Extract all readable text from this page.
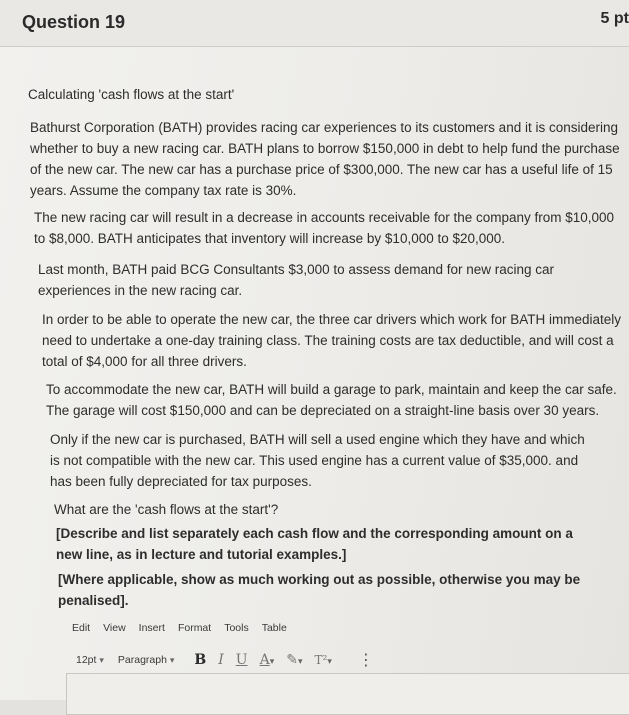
Question 19	5 pt
Calculating 'cash flows at the start'

Bathurst Corporation (BATH) provides racing car experiences to its customers and it is considering whether to buy a new racing car. BATH plans to borrow $150,000 in debt to help fund the purchase of the new car. The new car has a purchase price of $300,000. The new car has a useful life of 15 years. Assume the company tax rate is 30%.

The new racing car will result in a decrease in accounts receivable for the company from $10,000 to $8,000. BATH anticipates that inventory will increase by $10,000 to $20,000.

Last month, BATH paid BCG Consultants $3,000 to assess demand for new racing car experiences in the new racing car.

In order to be able to operate the new car, the three car drivers which work for BATH immediately need to undertake a one-day training class. The training costs are tax deductible, and will cost a total of $4,000 for all three drivers.

To accommodate the new car, BATH will build a garage to park, maintain and keep the car safe. The garage will cost $150,000 and can be depreciated on a straight-line basis over 30 years.

Only if the new car is purchased, BATH will sell a used engine which they have and which is not compatible with the new car. This used engine has a current value of $35,000. and has been fully depreciated for tax purposes.

What are the 'cash flows at the start'?

[Describe and list separately each cash flow and the corresponding amount on a new line, as in lecture and tutorial examples.]

[Where applicable, show as much working out as possible, otherwise you may be penalised].

Edit View Insert Format Tools Table
12pt ▾ Paragraph ▾ B I U A▾ ✎▾ T²▾ ⋮
